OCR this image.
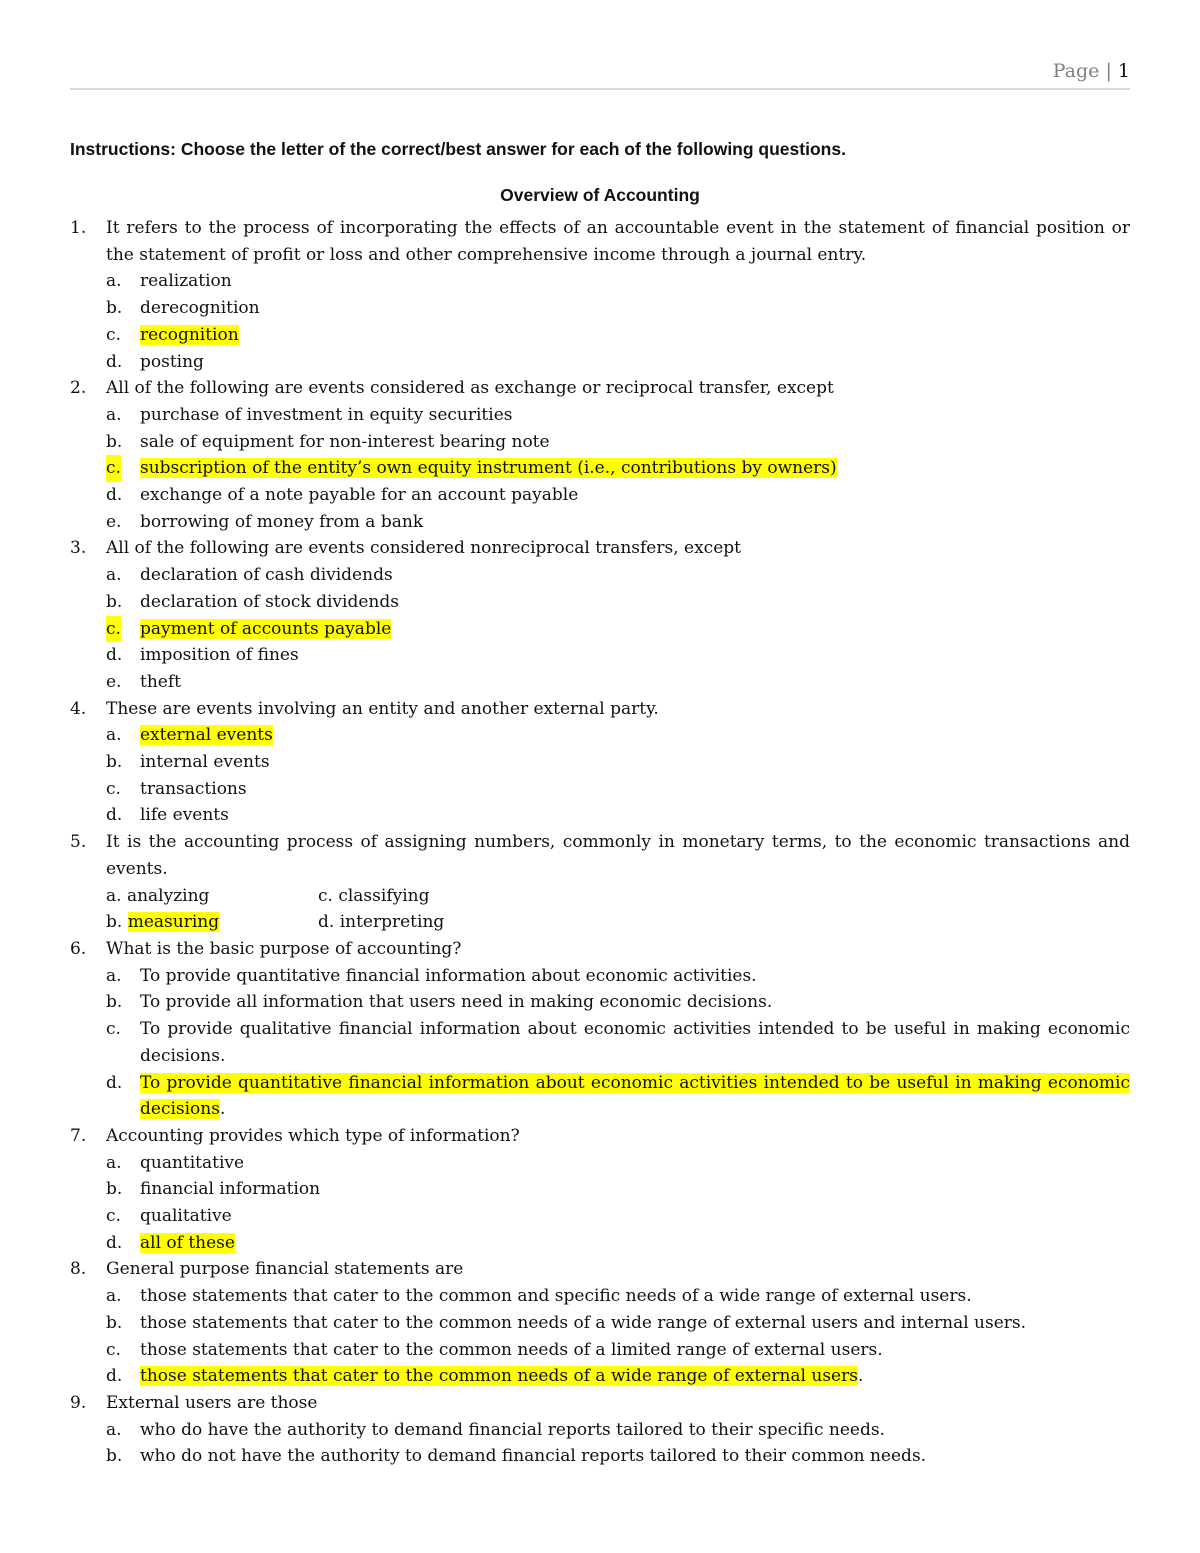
Page | 1
Instructions: Choose the letter of the correct/best answer for each of the following questions.
Overview of Accounting
1. It refers to the process of incorporating the effects of an accountable event in the statement of financial position or the statement of profit or loss and other comprehensive income through a journal entry.
a. realization
b. derecognition
c. recognition
d. posting
2. All of the following are events considered as exchange or reciprocal transfer, except
a. purchase of investment in equity securities
b. sale of equipment for non-interest bearing note
c. subscription of the entity’s own equity instrument (i.e., contributions by owners)
d. exchange of a note payable for an account payable
e. borrowing of money from a bank
3. All of the following are events considered nonreciprocal transfers, except
a. declaration of cash dividends
b. declaration of stock dividends
c. payment of accounts payable
d. imposition of fines
e. theft
4. These are events involving an entity and another external party.
a. external events
b. internal events
c. transactions
d. life events
5. It is the accounting process of assigning numbers, commonly in monetary terms, to the economic transactions and events.
a. analyzing	c. classifying
b. measuring	d. interpreting
6. What is the basic purpose of accounting?
a. To provide quantitative financial information about economic activities.
b. To provide all information that users need in making economic decisions.
c. To provide qualitative financial information about economic activities intended to be useful in making economic decisions.
d. To provide quantitative financial information about economic activities intended to be useful in making economic decisions.
7. Accounting provides which type of information?
a. quantitative
b. financial information
c. qualitative
d. all of these
8. General purpose financial statements are
a. those statements that cater to the common and specific needs of a wide range of external users.
b. those statements that cater to the common needs of a wide range of external users and internal users.
c. those statements that cater to the common needs of a limited range of external users.
d. those statements that cater to the common needs of a wide range of external users.
9. External users are those
a. who do have the authority to demand financial reports tailored to their specific needs.
b. who do not have the authority to demand financial reports tailored to their common needs.
